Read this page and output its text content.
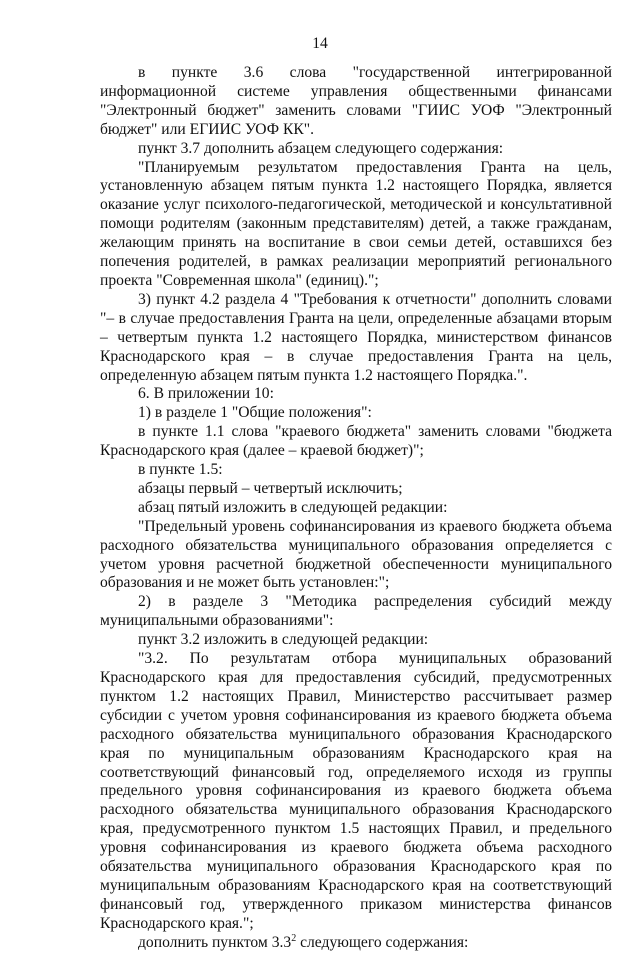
14

в пункте 3.6 слова "государственной интегрированной информационной системе управления общественными финансами "Электронный бюджет" заменить словами "ГИИС УОФ "Электронный бюджет" или ЕГИИС УОФ КК".

пункт 3.7 дополнить абзацем следующего содержания:

"Планируемым результатом предоставления Гранта на цель, установленную абзацем пятым пункта 1.2 настоящего Порядка, является оказание услуг психолого-педагогической, методической и консультативной помощи родителям (законным представителям) детей, а также гражданам, желающим принять на воспитание в свои семьи детей, оставшихся без попечения родителей, в рамках реализации мероприятий регионального проекта "Современная школа" (единиц).";

3) пункт 4.2 раздела 4 "Требования к отчетности" дополнить словами "– в случае предоставления Гранта на цели, определенные абзацами вторым – четвертым пункта 1.2 настоящего Порядка, министерством финансов Краснодарского края – в случае предоставления Гранта на цель, определенную абзацем пятым пункта 1.2 настоящего Порядка.".

6. В приложении 10:

1) в разделе 1 "Общие положения":

в пункте 1.1 слова "краевого бюджета" заменить словами "бюджета Краснодарского края (далее – краевой бюджет)";

в пункте 1.5:

абзацы первый – четвертый исключить;

абзац пятый изложить в следующей редакции:

"Предельный уровень софинансирования из краевого бюджета объема расходного обязательства муниципального образования определяется с учетом уровня расчетной бюджетной обеспеченности муниципального образования и не может быть установлен:";

2) в разделе 3 "Методика распределения субсидий между муниципальными образованиями":

пункт 3.2 изложить в следующей редакции:

"3.2. По результатам отбора муниципальных образований Краснодарского края для предоставления субсидий, предусмотренных пунктом 1.2 настоящих Правил, Министерство рассчитывает размер субсидии с учетом уровня софинансирования из краевого бюджета объема расходного обязательства муниципального образования Краснодарского края по муниципальным образованиям Краснодарского края на соответствующий финансовый год, определяемого исходя из группы предельного уровня софинансирования из краевого бюджета объема расходного обязательства муниципального образования Краснодарского края, предусмотренного пунктом 1.5 настоящих Правил, и предельного уровня софинансирования из краевого бюджета объема расходного обязательства муниципального образования Краснодарского края по муниципальным образованиям Краснодарского края на соответствующий финансовый год, утвержденного приказом министерства финансов Краснодарского края.";

дополнить пунктом $3.3^2$ следующего содержания:
